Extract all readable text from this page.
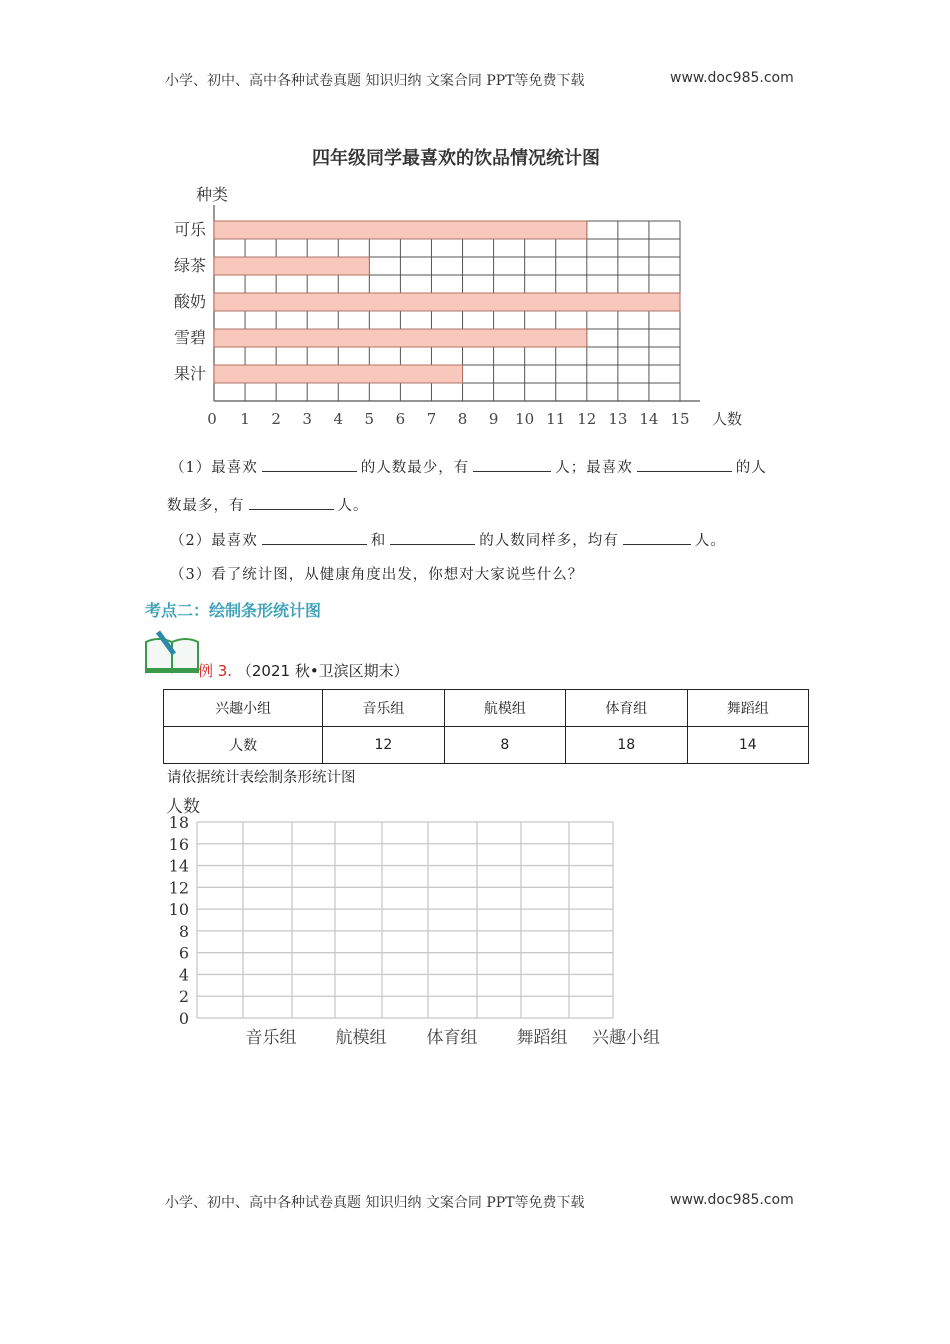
小学、初中、高中各种试卷真题 知识归纳 文案合同 PPT等免费下载	www.doc985.com
四年级同学最喜欢的饮品情况统计图
种类
人数
可乐
绿茶
酸奶
雪碧
果汁
0 1 2 3 4 5 6 7 8 9 10 11 12 13 14 15
（1）最喜欢	的人数最少，有	人；最喜欢	的人
数最多，有	人。
（2）最喜欢	和	的人数同样多，均有	人。
（3）看了统计图，从健康角度出发，你想对大家说些什么？
考点二：绘制条形统计图
例 3. （2021 秋•卫滨区期末）
兴趣小组	音乐组	航模组	体育组	舞蹈组
人数	12	8	18	14
请依据统计表绘制条形统计图
人数
兴趣小组
0
2
4
6
8
10
12
14
16
18
音乐组 航模组 体育组 舞蹈组
小学、初中、高中各种试卷真题 知识归纳 文案合同 PPT等免费下载	www.doc985.com
